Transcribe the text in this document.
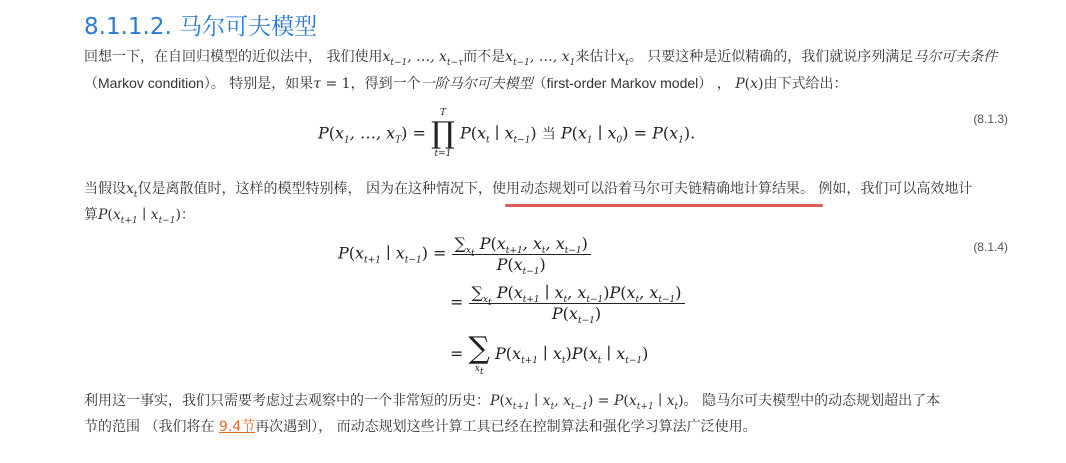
8.1.1.2. 马尔可夫模型
回想一下，在自回归模型的近似法中， 我们使用$x_{t-1}$, …, $x_{t-\tau}$而不是$x_{t-1}$, …, $x_1$来估计$x_t$。 只要这种是近似精确的，我们就说序列满足马尔可夫条件（Markov condition）。 特别是，如果τ = 1，得到一个一阶马尔可夫模型（first-order Markov model） ， P(x)由下式给出：
$P(x_1$, …, $x_T$) =
T
∏
t=1
$P(x_t$ ∣ $x_{t-1}$) 当 $P(x_1$ ∣ $x_0) = P(x_1)$.
(8.1.3)
当假设$x_t$仅是离散值时，这样的模型特别棒， 因为在这种情况下，使用动态规划可以沿着马尔可夫链精确地计算结果。 例如，我们可以高效地计
算$P(x_{t+1}$ ∣ $x_{t-1}$)：
$P(x_{t+1}$ ∣ $x_{t-1}) = \frac{\sum_{x_t} P(x_{t+1}, x_t, x_{t-1})}{P(x_{t-1})}$
= $\frac{\sum_{x_t} P(x_{t+1} ∣ x_t, x_{t-1})P(x_t, x_{t-1})}{P(x_{t-1})}$
= ∑
$x_t$
$P(x_{t+1}$ ∣ $x_t)P(x_t$ ∣ $x_{t-1}$)
(8.1.4)
利用这一事实，我们只需要考虑过去观察中的一个非常短的历史：$P(x_{t+1}$ ∣ $x_t$, $x_{t-1}) = P(x_{t+1}$ ∣ $x_t$)。 隐马尔可夫模型中的动态规划超出了本
节的范围 （我们将在 9.4节再次遇到）， 而动态规划这些计算工具已经在控制算法和强化学习算法广泛使用。
